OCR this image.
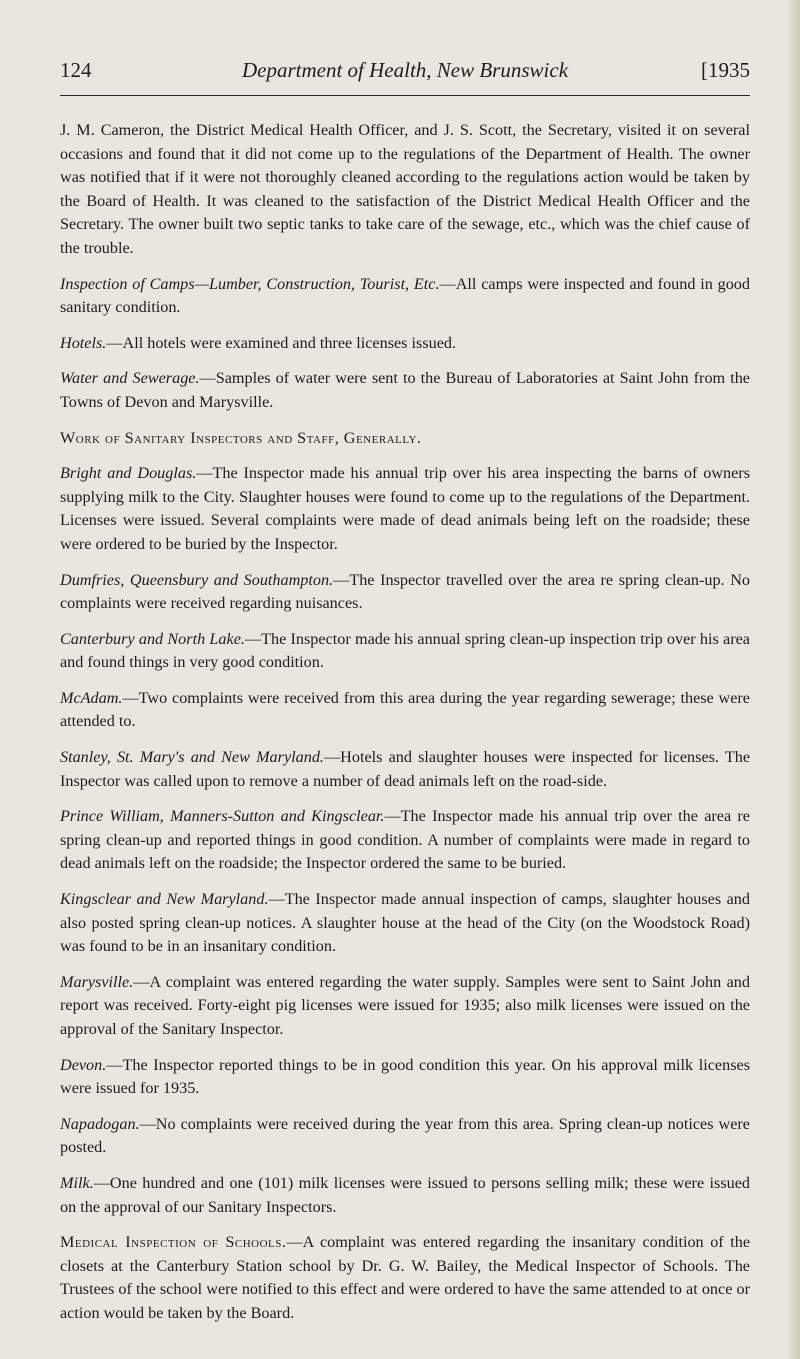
124	Department of Health, New Brunswick	[1935

J. M. Cameron, the District Medical Health Officer, and J. S. Scott, the Secretary, visited it on several occasions and found that it did not come up to the regulations of the Department of Health. The owner was notified that if it were not thoroughly cleaned according to the regulations action would be taken by the Board of Health. It was cleaned to the satisfaction of the District Medical Health Officer and the Secretary. The owner built two septic tanks to take care of the sewage, etc., which was the chief cause of the trouble.

Inspection of Camps—Lumber, Construction, Tourist, Etc.—All camps were inspected and found in good sanitary condition.

Hotels.—All hotels were examined and three licenses issued.

Water and Sewerage.—Samples of water were sent to the Bureau of Laboratories at Saint John from the Towns of Devon and Marysville.

Work of Sanitary Inspectors and Staff, Generally.

Bright and Douglas.—The Inspector made his annual trip over his area inspecting the barns of owners supplying milk to the City. Slaughter houses were found to come up to the regulations of the Department. Licenses were issued. Several complaints were made of dead animals being left on the roadside; these were ordered to be buried by the Inspector.

Dumfries, Queensbury and Southampton.—The Inspector travelled over the area re spring clean-up. No complaints were received regarding nuisances.

Canterbury and North Lake.—The Inspector made his annual spring clean-up inspection trip over his area and found things in very good condition.

McAdam.—Two complaints were received from this area during the year regarding sewerage; these were attended to.

Stanley, St. Mary's and New Maryland.—Hotels and slaughter houses were inspected for licenses. The Inspector was called upon to remove a number of dead animals left on the road-side.

Prince William, Manners-Sutton and Kingsclear.—The Inspector made his annual trip over the area re spring clean-up and reported things in good condition. A number of complaints were made in regard to dead animals left on the roadside; the Inspector ordered the same to be buried.

Kingsclear and New Maryland.—The Inspector made annual inspection of camps, slaughter houses and also posted spring clean-up notices. A slaughter house at the head of the City (on the Woodstock Road) was found to be in an insanitary condition.

Marysville.—A complaint was entered regarding the water supply. Samples were sent to Saint John and report was received. Forty-eight pig licenses were issued for 1935; also milk licenses were issued on the approval of the Sanitary Inspector.

Devon.—The Inspector reported things to be in good condition this year. On his approval milk licenses were issued for 1935.

Napadogan.—No complaints were received during the year from this area. Spring clean-up notices were posted.

Milk.—One hundred and one (101) milk licenses were issued to persons selling milk; these were issued on the approval of our Sanitary Inspectors.

Medical Inspection of Schools.—A complaint was entered regarding the insanitary condition of the closets at the Canterbury Station school by Dr. G. W. Bailey, the Medical Inspector of Schools. The Trustees of the school were notified to this effect and were ordered to have the same attended to at once or action would be taken by the Board.
